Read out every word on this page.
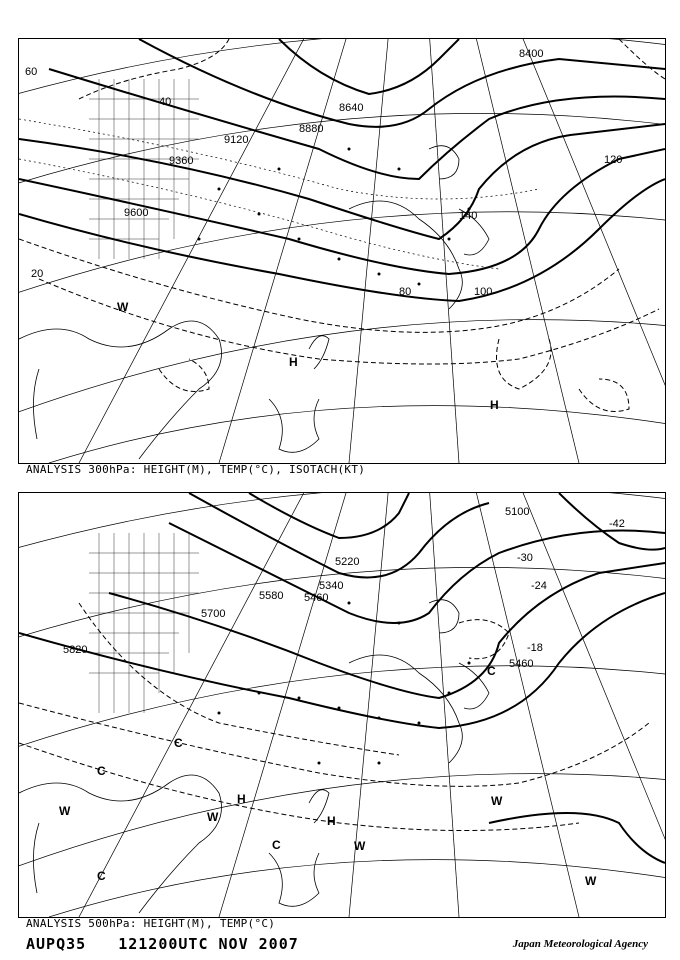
9600
9360
9120
8880
8640
8400
60
40
20
120
100
80
140
H
H
W
ANALYSIS 300hPa: HEIGHT(M), TEMP(°C), ISOTACH(KT)
5820
5700
5580 5460
5340
5220
5100
5460
-42
-30
-24
-18
H
H
C
C
C
C
C
W	W
W
W
W
ANALYSIS 500hPa: HEIGHT(M), TEMP(°C)
AUPQ35 121200UTC NOV 2007	Japan Meteorological Agency
